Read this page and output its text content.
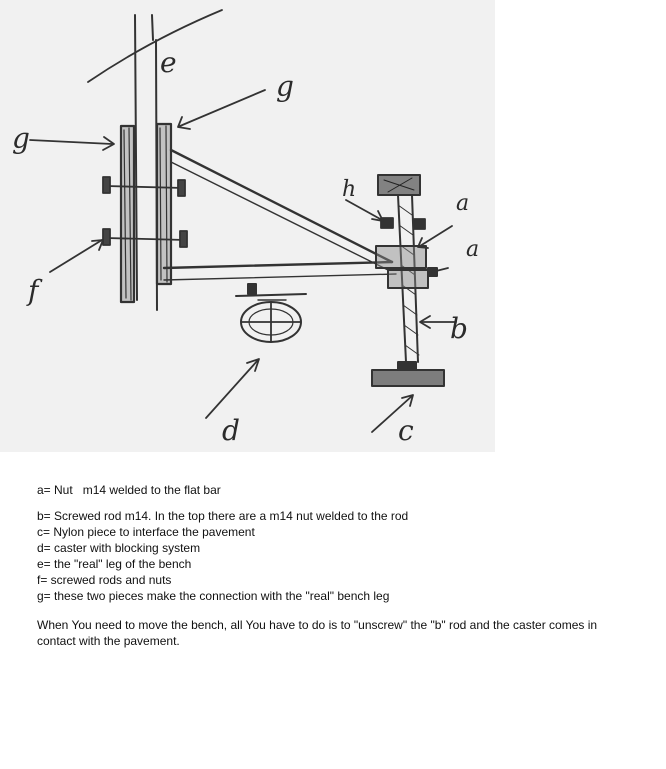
g
g
e
f
d	c
b
h
a
a

a= Nut   m14 welded to the flat bar

b= Screwed rod m14. In the top there are a m14 nut welded to the rod

c= Nylon piece to interface the pavement

d= caster with blocking system

e= the "real" leg of the bench

f= screwed rods and nuts

g= these two pieces make the connection with the "real" bench leg

When You need to move the bench, all You have to do is to "unscrew" the "b" rod and the caster comes in contact with the pavement.
